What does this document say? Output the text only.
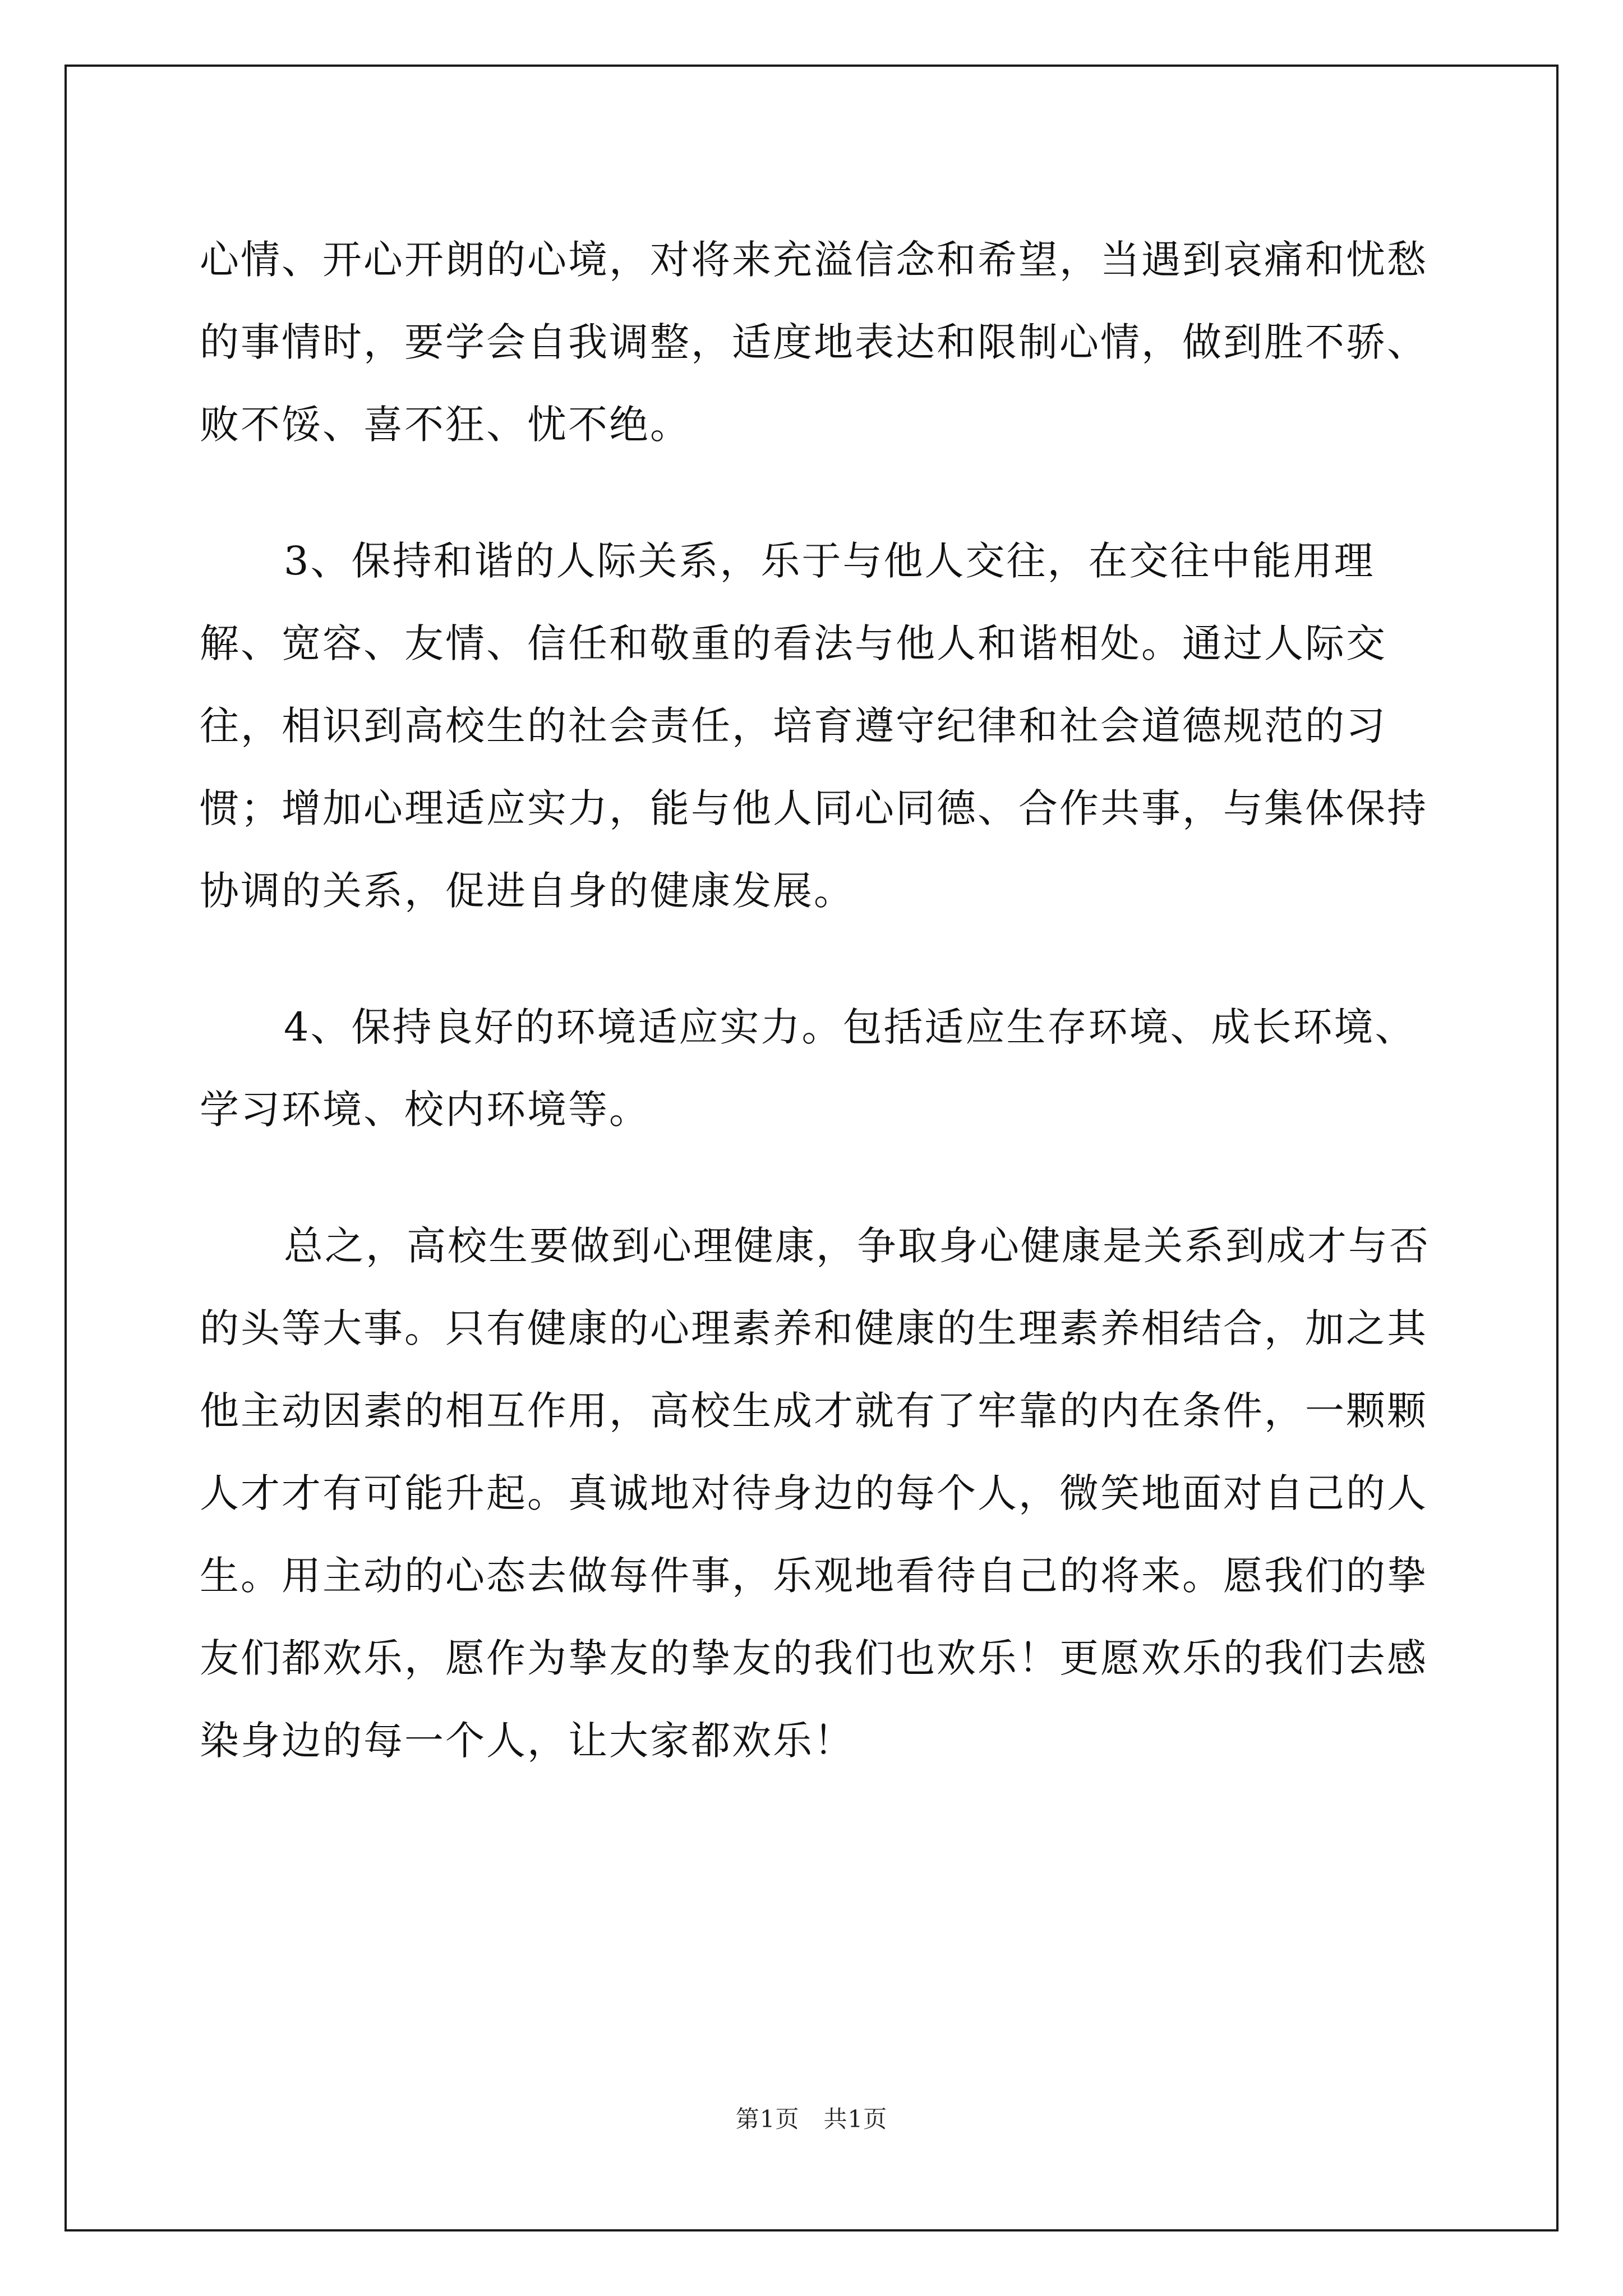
心情、开心开朗的心境，对将来充溢信念和希望，当遇到哀痛和忧愁的事情时，要学会自我调整，适度地表达和限制心情，做到胜不骄、败不馁、喜不狂、忧不绝。

3、保持和谐的人际关系，乐于与他人交往，在交往中能用理解、宽容、友情、信任和敬重的看法与他人和谐相处。通过人际交往，相识到高校生的社会责任，培育遵守纪律和社会道德规范的习惯；增加心理适应实力，能与他人同心同德、合作共事，与集体保持协调的关系，促进自身的健康发展。

4、保持良好的环境适应实力。包括适应生存环境、成长环境、学习环境、校内环境等。

总之，高校生要做到心理健康，争取身心健康是关系到成才与否的头等大事。只有健康的心理素养和健康的生理素养相结合，加之其他主动因素的相互作用，高校生成才就有了牢靠的内在条件，一颗颗人才才有可能升起。真诚地对待身边的每个人，微笑地面对自己的人生。用主动的心态去做每件事，乐观地看待自己的将来。愿我们的挚友们都欢乐，愿作为挚友的挚友的我们也欢乐！更愿欢乐的我们去感染身边的每一个人，让大家都欢乐！

第1页　共1页
